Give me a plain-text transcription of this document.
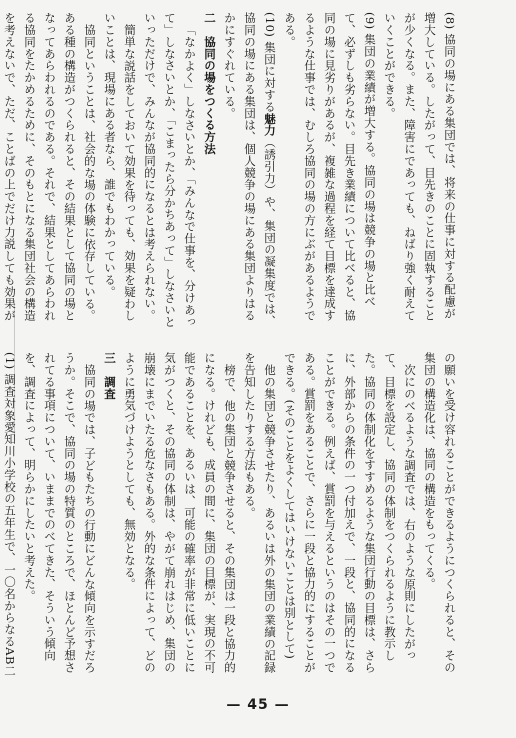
(8) 協同の場にある集団では、将来の仕事に対する配慮が増大している。したがって、目先きのことに固執することが少くなる。また、障害にであっても、ねばり強く耐えていくことができる。

(9) 集団の業績が増大する。協同の場は競争の場と比べて、必ずしも劣らない。目先き業績について比べると、協同の場に見劣りがあるが、複雑な過程を経て目標を達成するような仕事では、むしろ協同の場の方にぶがあるようである。

(10) 集団に対する魅力（誘引力）や、集団の凝集度では、協同の場にある集団は、個人競争の場にある集団よりはるかにすぐれている。

二　協同の場をつくる方法

「なかよく」しなさいとか、「みんなで仕事を、分けあって」しなさいとか、「こまったら分かちあって」しなさいといっただけで、みんなが協同的になるとは考えられない。

簡単な説話をしておいて効果を待っても、効果を疑わしいことは、現場にある者なら、誰でもわかっている。

協同ということは、社会的な場の体験に依存している。ある種の構造がつくられると、その結果として協同の場となってあらわれるのである。それで、結果としてあらわれる協同をたかめるために、そのもとになる集団社会の構造を考えないで、ただ、ことばの上でだけ力説しても効果が

の願いを受け容れることができるようにつくられると、その集団の構造化は、協同の構造をもってくる。

次にのべるような調査では、右のような原則にしたがって、目標を設定し、協同の体制をつくられるように教示した。協同の体制化をすすめるような集団行動の目標は、さらに、外部からの条件の一つ付加えで、一段と、協同的になることができる。例えば、賞罰を与えるというのはその一つである。賞罰をあることで、さらに一段と協力的にすることができる。(そのことをよくしてはいけないことは別として)

他の集団と競争させたり、あるいは外の集団の業績の記録を告知したりする方法もある。

榜で、他の集団と競争させると、その集団は一段と協力的になる。けれども、成員の間に、集団の目標が、実現の不可能であることを、あるいは、可能の確率が非常に低いことに気がつくと、その協同の体制は、やがて崩れはじめ、集団の崩壊にまでいたる危なさもある。外的な条件によって、どのように勇気づけようとしても、無効となる。

三　調査

協同の場では、子どもたちの行動にどんな傾向を示すだろうか。そこで、協同の場の特質のところで、ほとんど予想されてる事項について、いままでのべてきた、そういう傾向を、調査によって、明らかにしたいと考えた。

(1) 調査対象愛知川小学校の五年生で、一〇名からなるAB二

— 45 —
